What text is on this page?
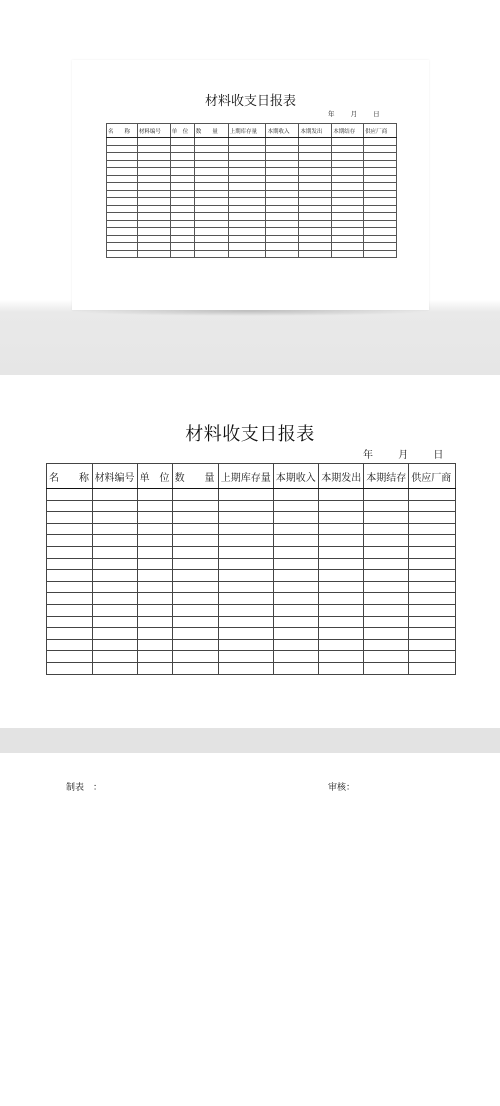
材料收支日报表
年 月 日
名　　称	材料编号	单　位	数　　量	上期库存量	本期收入	本期发出	本期结存	供应厂商

材料收支日报表
年	月	日
名　　称	材料编号	单　位	数　　量	上期库存量	本期收入	本期发出	本期结存	供应厂商

制表　：	审核：
